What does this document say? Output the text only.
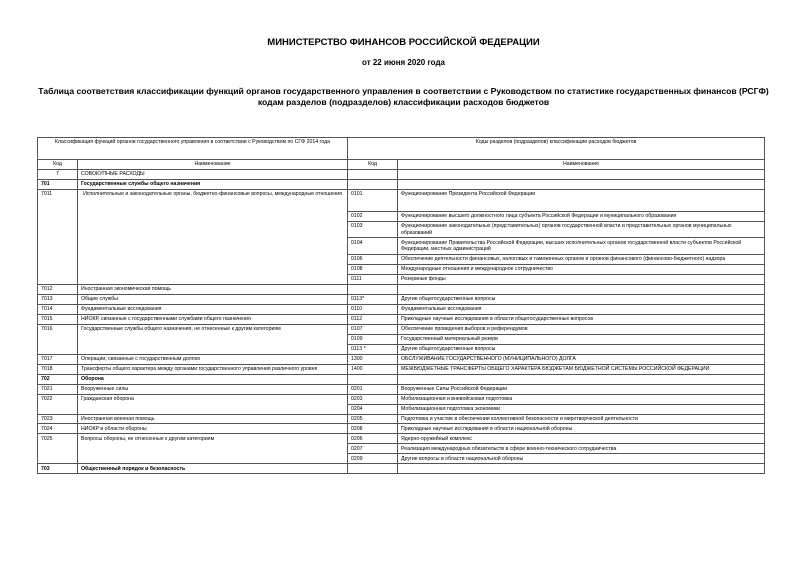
МИНИСТЕРСТВО ФИНАНСОВ РОССИЙСКОЙ ФЕДЕРАЦИИ
от 22 июня 2020 года
Таблица соответствия классификации функций органов государственного управления в соответствии с Руководством по статистике государственных финансов (РСГФ) кодам разделов (подразделов) классификации расходов бюджетов
Классификация функций органов государственного управления в соответствии с Руководством по СГФ 2014 года		Коды разделов (подразделов) классификации расходов бюджетов	
Код	Наименование	Код	Наименование
7	СОВОКУПНЫЕ РАСХОДЫ		
701	Государственные службы общего назначения		
7011	Исполнительные и законодательные органы, бюджетно-финансовые вопросы, международные отношения	0101	Функционирование Президента Российской Федерации
		0102	Функционирование высшего должностного лица субъекта Российской Федерации и муниципального образования
		0103	Функционирование законодательных (представительных) органов государственной власти и представительных органов муниципальных образований
		0104	Функционирование Правительства Российской Федерации, высших исполнительных органов государственной власти субъектов Российской Федерации, местных администраций
		0106	Обеспечение деятельности финансовых, налоговых и таможенных органов и органов финансового (финансово-бюджетного) надзора
		0108	Международные отношения и международное сотрудничество
		0111	Резервные фонды
7012	Иностранная экономическая помощь		
7013	Общие службы	0113*	Другие общегосударственные вопросы
7014	Фундаментальные исследования	0110	Фундаментальные исследования
7015	НИОКР, связанные с государственными службами общего назначения	0112	Прикладные научные исследования в области общегосударственных вопросов
7016	Государственные службы общего назначения, не отнесенные к другим категориям	0107	Обеспечение проведения выборов и референдумов
		0109	Государственный материальный резерв
		0113 *	Другие общегосударственные вопросы
7017	Операции, связанные с государственным долгом	1300	ОБСЛУЖИВАНИЕ ГОСУДАРСТВЕННОГО (МУНИЦИПАЛЬНОГО) ДОЛГА
7018	Трансферты общего характера между органами государственного управления различного уровня	1400	МЕЖБЮДЖЕТНЫЕ ТРАНСФЕРТЫ ОБЩЕГО ХАРАКТЕРА БЮДЖЕТАМ БЮДЖЕТНОЙ СИСТЕМЫ РОССИЙСКОЙ ФЕДЕРАЦИИ
702	Оборона		
7021	Вооруженные силы	0201	Вооруженные Силы Российской Федерации
7022	Гражданская оборона	0203	Мобилизационная и вневойсковая подготовка
		0204	Мобилизационная подготовка экономики
7023	Иностранная военная помощь	0205	Подготовка и участие в обеспечении коллективной безопасности и миротворческой деятельности
7024	НИОКР в области обороны	0208	Прикладные научные исследования в области национальной обороны
7025	Вопросы обороны, не отнесенные к другим категориям	0206	Ядерно-оружейный комплекс
		0207	Реализация международных обязательств в сфере военно-технического сотрудничества
		0209	Другие вопросы в области национальной обороны
703	Общественный порядок и безопасность		
